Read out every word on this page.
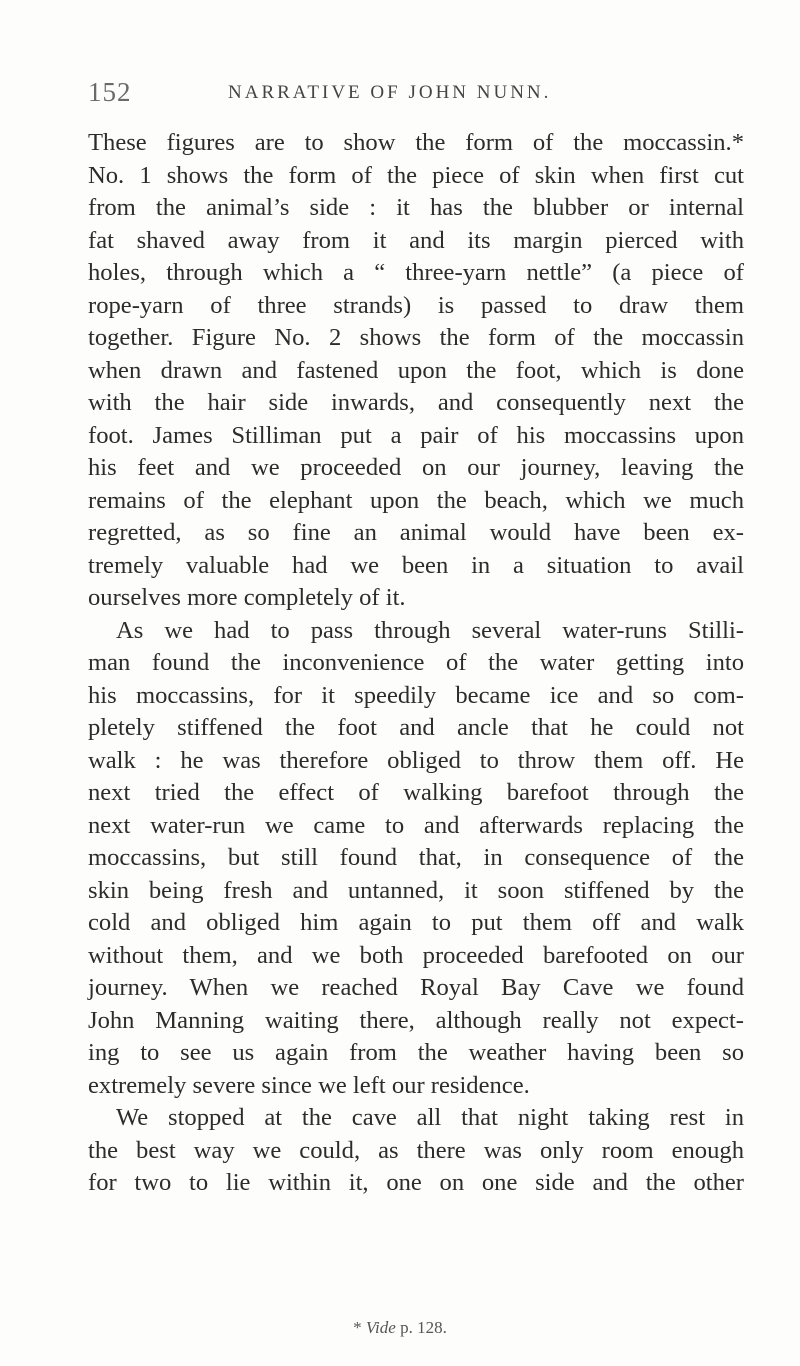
152	NARRATIVE OF JOHN NUNN.
These figures are to show the form of the moccassin.*
No. 1 shows the form of the piece of skin when first cut
from the animal’s side : it has the blubber or internal
fat shaved away from it and its margin pierced with
holes, through which a “ three-yarn nettle” (a piece of
rope-yarn of three strands) is passed to draw them
together. Figure No. 2 shows the form of the moccassin
when drawn and fastened upon the foot, which is done
with the hair side inwards, and consequently next the
foot. James Stilliman put a pair of his moccassins upon
his feet and we proceeded on our journey, leaving the
remains of the elephant upon the beach, which we much
regretted, as so fine an animal would have been ex-
tremely valuable had we been in a situation to avail
ourselves more completely of it.
As we had to pass through several water-runs Stilli-
man found the inconvenience of the water getting into
his moccassins, for it speedily became ice and so com-
pletely stiffened the foot and ancle that he could not
walk : he was therefore obliged to throw them off. He
next tried the effect of walking barefoot through the
next water-run we came to and afterwards replacing the
moccassins, but still found that, in consequence of the
skin being fresh and untanned, it soon stiffened by the
cold and obliged him again to put them off and walk
without them, and we both proceeded barefooted on our
journey. When we reached Royal Bay Cave we found
John Manning waiting there, although really not expect-
ing to see us again from the weather having been so
extremely severe since we left our residence.
We stopped at the cave all that night taking rest in
the best way we could, as there was only room enough
for two to lie within it, one on one side and the other
* Vide p. 128.
